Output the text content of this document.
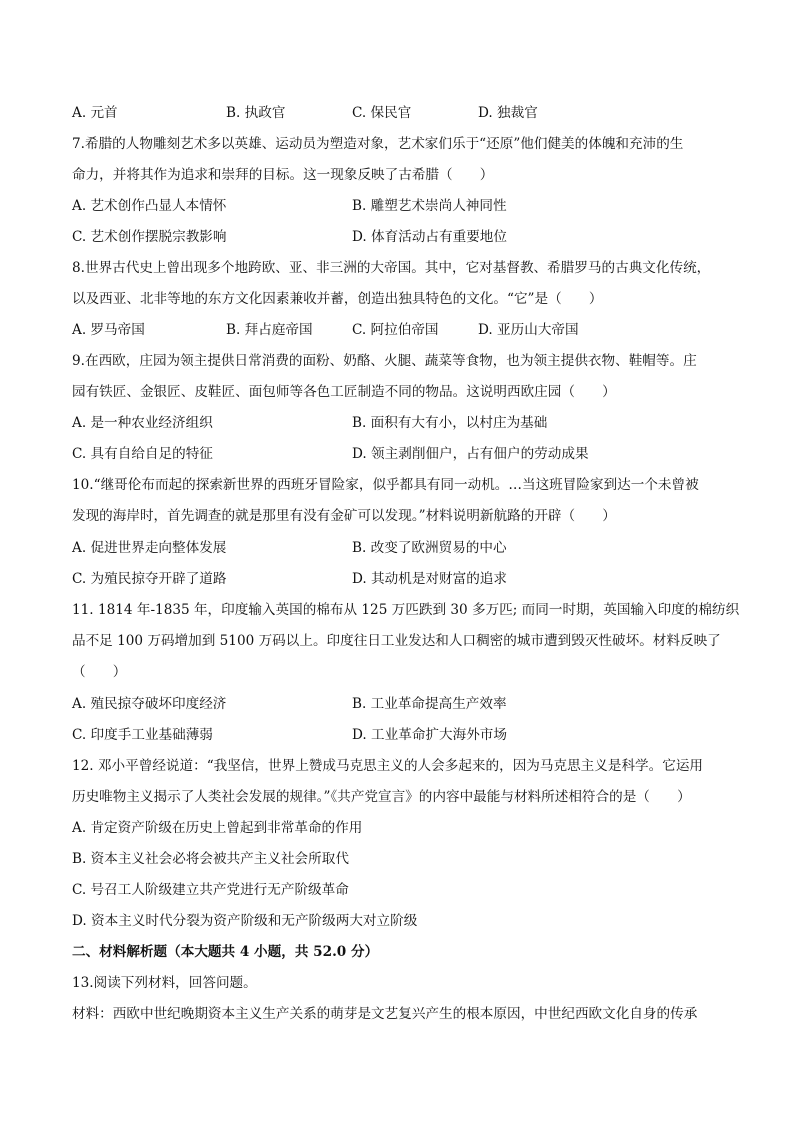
A. 元首	B. 执政官	C. 保民官	D. 独裁官
7.希腊的人物雕刻艺术多以英雄、运动员为塑造对象，艺术家们乐于“还原”他们健美的体魄和充沛的生
命力，并将其作为追求和崇拜的目标。这一现象反映了古希腊（　　）
A. 艺术创作凸显人本情怀	B. 雕塑艺术崇尚人神同性
C. 艺术创作摆脱宗教影响	D. 体育活动占有重要地位
8.世界古代史上曾出现多个地跨欧、亚、非三洲的大帝国。其中，它对基督教、希腊罗马的古典文化传统，
以及西亚、北非等地的东方文化因素兼收并蓄，创造出独具特色的文化。“它”是（　　）
A. 罗马帝国	B. 拜占庭帝国	C. 阿拉伯帝国	D. 亚历山大帝国
9.在西欧，庄园为领主提供日常消费的面粉、奶酪、火腿、蔬菜等食物，也为领主提供衣物、鞋帽等。庄
园有铁匠、金银匠、皮鞋匠、面包师等各色工匠制造不同的物品。这说明西欧庄园（　　）
A. 是一种农业经济组织	B. 面积有大有小，以村庄为基础
C. 具有自给自足的特征	D. 领主剥削佃户，占有佃户的劳动成果
10.“继哥伦布而起的探索新世界的西班牙冒险家，似乎都具有同一动机。…当这班冒险家到达一个未曾被
发现的海岸时，首先调查的就是那里有没有金矿可以发现。”材料说明新航路的开辟（　　）
A. 促进世界走向整体发展	B. 改变了欧洲贸易的中心
C. 为殖民掠夺开辟了道路	D. 其动机是对财富的追求
11. 1814 年-1835 年，印度输入英国的棉布从 125 万匹跌到 30 多万匹; 而同一时期，英国输入印度的棉纺织
品不足 100 万码增加到 5100 万码以上。印度往日工业发达和人口稠密的城市遭到毁灭性破坏。材料反映了
（　　）
A. 殖民掠夺破坏印度经济	B. 工业革命提高生产效率
C. 印度手工业基础薄弱	D. 工业革命扩大海外市场
12. 邓小平曾经说道：“我坚信，世界上赞成马克思主义的人会多起来的，因为马克思主义是科学。它运用
历史唯物主义揭示了人类社会发展的规律。”《共产党宣言》的内容中最能与材料所述相符合的是（　　）
A. 肯定资产阶级在历史上曾起到非常革命的作用
B. 资本主义社会必将会被共产主义社会所取代
C. 号召工人阶级建立共产党进行无产阶级革命
D. 资本主义时代分裂为资产阶级和无产阶级两大对立阶级
二、材料解析题（本大题共 4 小题，共 52.0 分）
13.阅读下列材料，回答问题。
材料：西欧中世纪晚期资本主义生产关系的萌芽是文艺复兴产生的根本原因，中世纪西欧文化自身的传承
